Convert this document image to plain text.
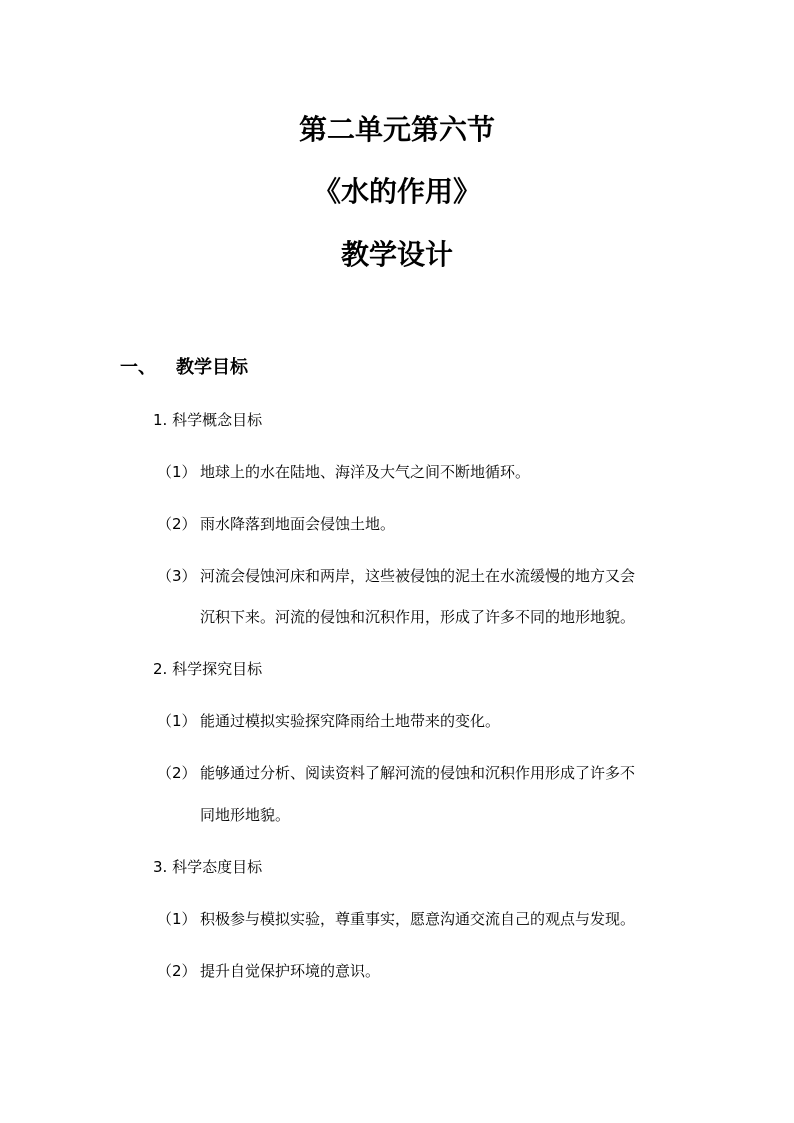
第二单元第六节
《水的作用》
教学设计
一、 教学目标
1. 科学概念目标
（1） 地球上的水在陆地、海洋及大气之间不断地循环。
（2） 雨水降落到地面会侵蚀土地。
（3） 河流会侵蚀河床和两岸，这些被侵蚀的泥土在水流缓慢的地方又会
沉积下来。河流的侵蚀和沉积作用，形成了许多不同的地形地貌。
2. 科学探究目标
（1） 能通过模拟实验探究降雨给土地带来的变化。
（2） 能够通过分析、阅读资料了解河流的侵蚀和沉积作用形成了许多不
同地形地貌。
3. 科学态度目标
（1） 积极参与模拟实验，尊重事实，愿意沟通交流自己的观点与发现。
（2） 提升自觉保护环境的意识。
